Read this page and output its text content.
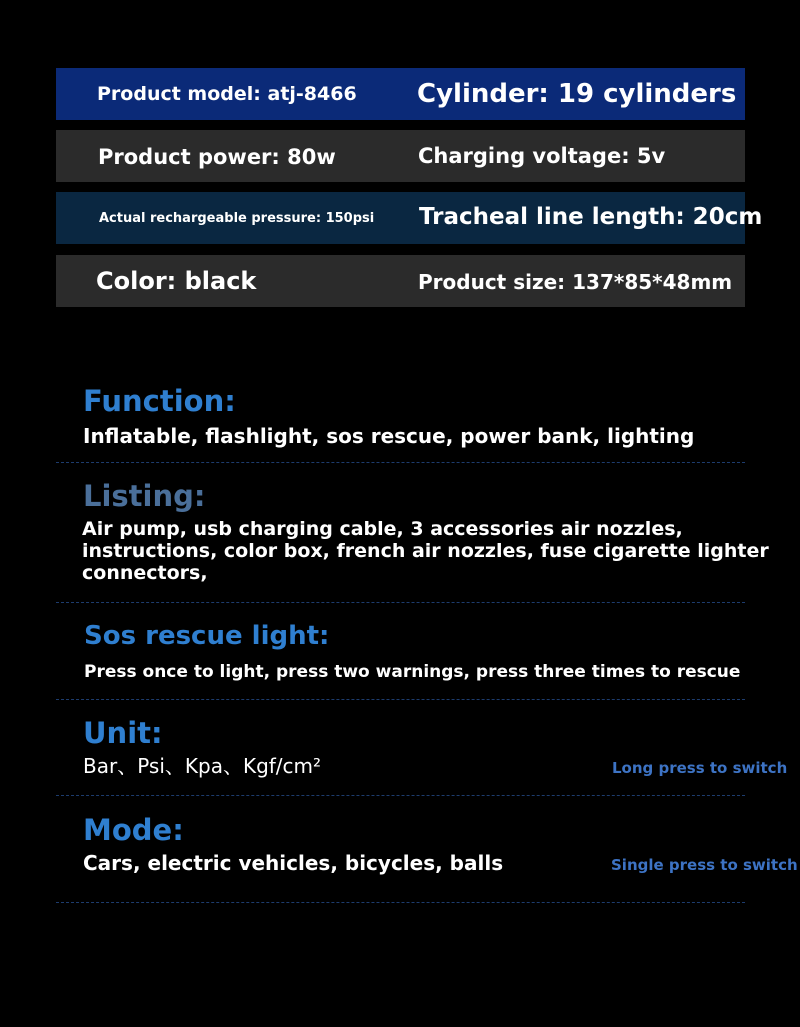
Product model: atj-8466 Cylinder: 19 cylinders
Product power: 80w	Charging voltage: 5v
Actual rechargeable pressure: 150psi Tracheal line length: 20cm
Color: black	Product size: 137*85*48mm
Function:
Inflatable, flashlight, sos rescue, power bank, lighting
Listing:
Air pump, usb charging cable, 3 accessories air nozzles,
instructions, color box, french air nozzles, fuse cigarette lighter
connectors,
Sos rescue light:
Press once to light, press two warnings, press three times to rescue
Unit:
Bar、Psi、Kpa、Kgf/cm²	Long press to switch
Mode:
Cars, electric vehicles, bicycles, balls	Single press to switch
